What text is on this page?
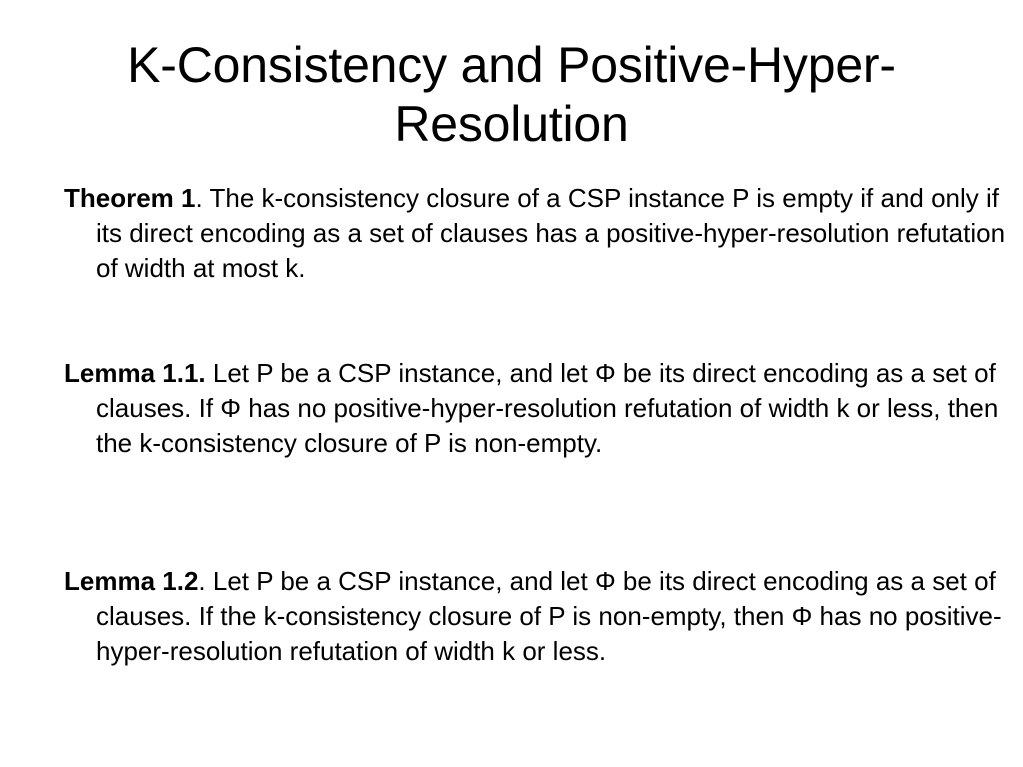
K-Consistency and Positive-Hyper-Resolution

Theorem 1. The k-consistency closure of a CSP instance P is empty if and only if its direct encoding as a set of clauses has a positive-hyper-resolution refutation of width at most k.

Lemma 1.1. Let P be a CSP instance, and let Φ be its direct encoding as a set of clauses. If Φ has no positive-hyper-resolution refutation of width k or less, then the k-consistency closure of P is non-empty.

Lemma 1.2. Let P be a CSP instance, and let Φ be its direct encoding as a set of clauses. If the k-consistency closure of P is non-empty, then Φ has no positive-hyper-resolution refutation of width k or less.
